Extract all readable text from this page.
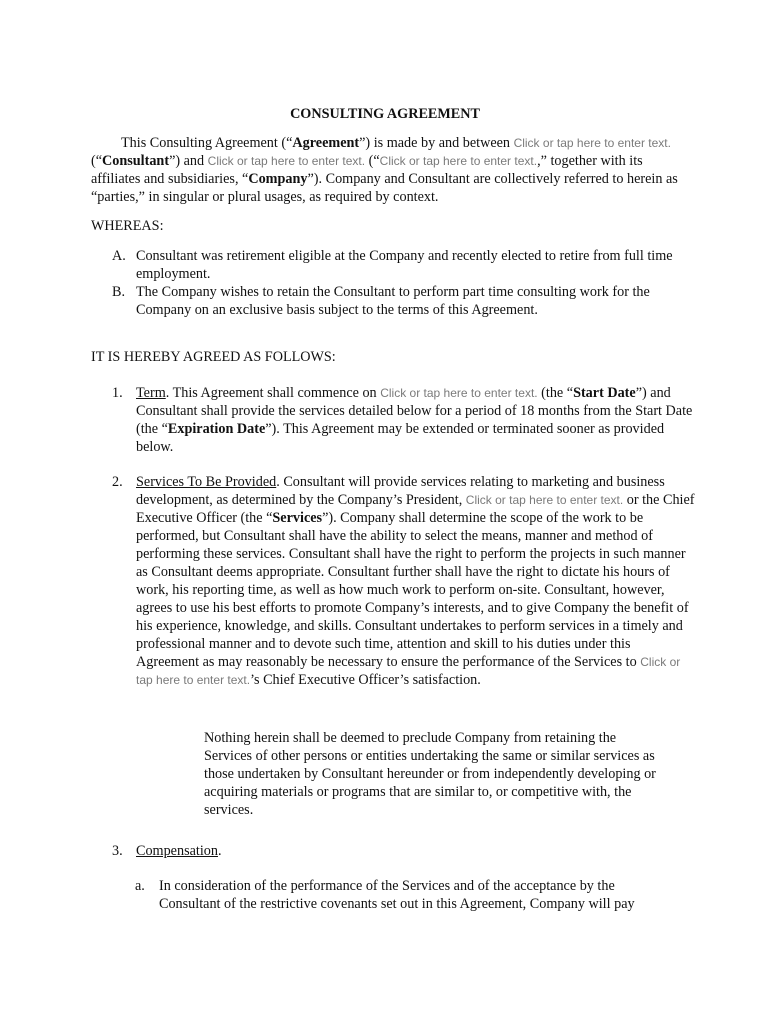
CONSULTING AGREEMENT
This Consulting Agreement (“Agreement”) is made by and between Click or tap here to enter text. (“Consultant”) and Click or tap here to enter text. (“Click or tap here to enter text.,” together with its affiliates and subsidiaries, “Company”). Company and Consultant are collectively referred to herein as “parties,” in singular or plural usages, as required by context.
WHEREAS:
A. Consultant was retirement eligible at the Company and recently elected to retire from full time employment.
B. The Company wishes to retain the Consultant to perform part time consulting work for the Company on an exclusive basis subject to the terms of this Agreement.
IT IS HEREBY AGREED AS FOLLOWS:
1. Term. This Agreement shall commence on Click or tap here to enter text. (the “Start Date”) and Consultant shall provide the services detailed below for a period of 18 months from the Start Date (the “Expiration Date”). This Agreement may be extended or terminated sooner as provided below.
2. Services To Be Provided. Consultant will provide services relating to marketing and business development, as determined by the Company’s President, Click or tap here to enter text. or the Chief Executive Officer (the “Services”). Company shall determine the scope of the work to be performed, but Consultant shall have the ability to select the means, manner and method of performing these services. Consultant shall have the right to perform the projects in such manner as Consultant deems appropriate. Consultant further shall have the right to dictate his hours of work, his reporting time, as well as how much work to perform on-site. Consultant, however, agrees to use his best efforts to promote Company’s interests, and to give Company the benefit of his experience, knowledge, and skills. Consultant undertakes to perform services in a timely and professional manner and to devote such time, attention and skill to his duties under this Agreement as may reasonably be necessary to ensure the performance of the Services to Click or tap here to enter text.’s Chief Executive Officer’s satisfaction.
Nothing herein shall be deemed to preclude Company from retaining the Services of other persons or entities undertaking the same or similar services as those undertaken by Consultant hereunder or from independently developing or acquiring materials or programs that are similar to, or competitive with, the services.
3. Compensation.
a. In consideration of the performance of the Services and of the acceptance by the Consultant of the restrictive covenants set out in this Agreement, Company will pay
